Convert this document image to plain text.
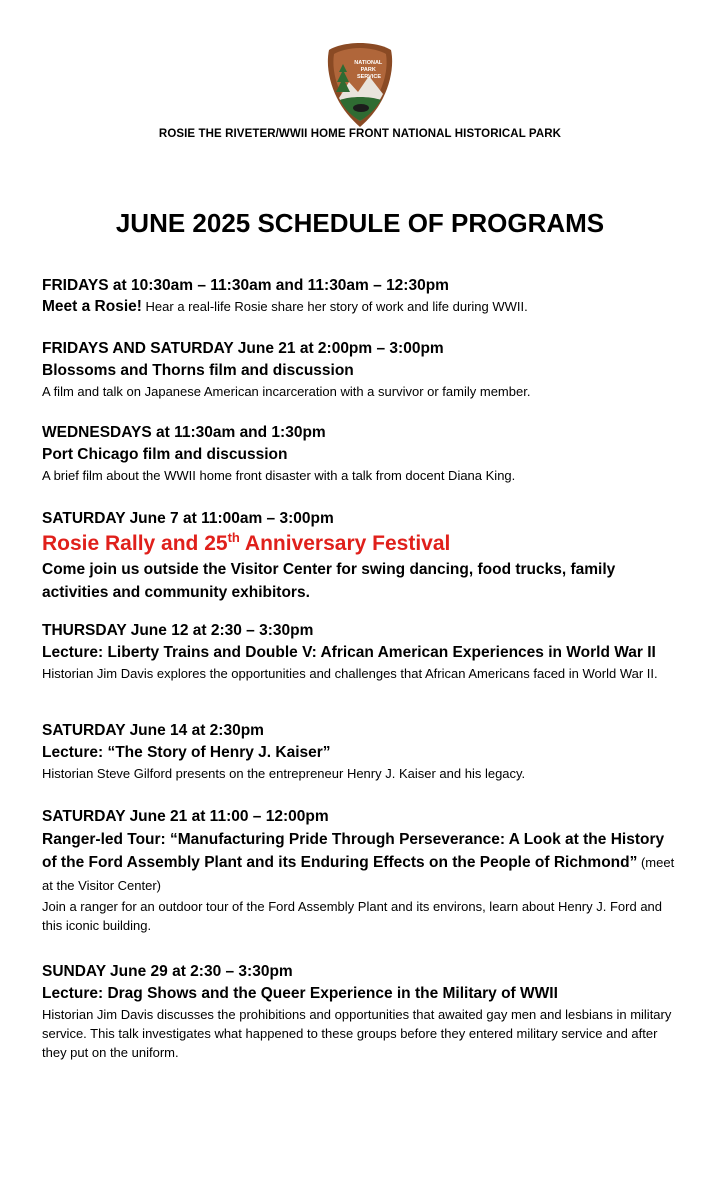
NATIONAL PARK SERVICE
ROSIE THE RIVETER/WWII HOME FRONT NATIONAL HISTORICAL PARK
JUNE 2025 SCHEDULE OF PROGRAMS
FRIDAYS at 10:30am – 11:30am and 11:30am – 12:30pm
Meet a Rosie! Hear a real-life Rosie share her story of work and life during WWII.
FRIDAYS AND SATURDAY June 21 at 2:00pm – 3:00pm
Blossoms and Thorns film and discussion
A film and talk on Japanese American incarceration with a survivor or family member.
WEDNESDAYS at 11:30am and 1:30pm
Port Chicago film and discussion
A brief film about the WWII home front disaster with a talk from docent Diana King.
SATURDAY June 7 at 11:00am – 3:00pm
Rosie Rally and 25th Anniversary Festival
Come join us outside the Visitor Center for swing dancing, food trucks, family activities and community exhibitors.
THURSDAY June 12 at 2:30 – 3:30pm
Lecture: Liberty Trains and Double V: African American Experiences in World War II
Historian Jim Davis explores the opportunities and challenges that African Americans faced in World War II.
SATURDAY June 14 at 2:30pm
Lecture: “The Story of Henry J. Kaiser”
Historian Steve Gilford presents on the entrepreneur Henry J. Kaiser and his legacy.
SATURDAY June 21 at 11:00 – 12:00pm
Ranger-led Tour: “Manufacturing Pride Through Perseverance: A Look at the History of the Ford Assembly Plant and its Enduring Effects on the People of Richmond” (meet at the Visitor Center)
Join a ranger for an outdoor tour of the Ford Assembly Plant and its environs, learn about Henry J. Ford and this iconic building.
SUNDAY June 29 at 2:30 – 3:30pm
Lecture: Drag Shows and the Queer Experience in the Military of WWII
Historian Jim Davis discusses the prohibitions and opportunities that awaited gay men and lesbians in military service. This talk investigates what happened to these groups before they entered military service and after they put on the uniform.
